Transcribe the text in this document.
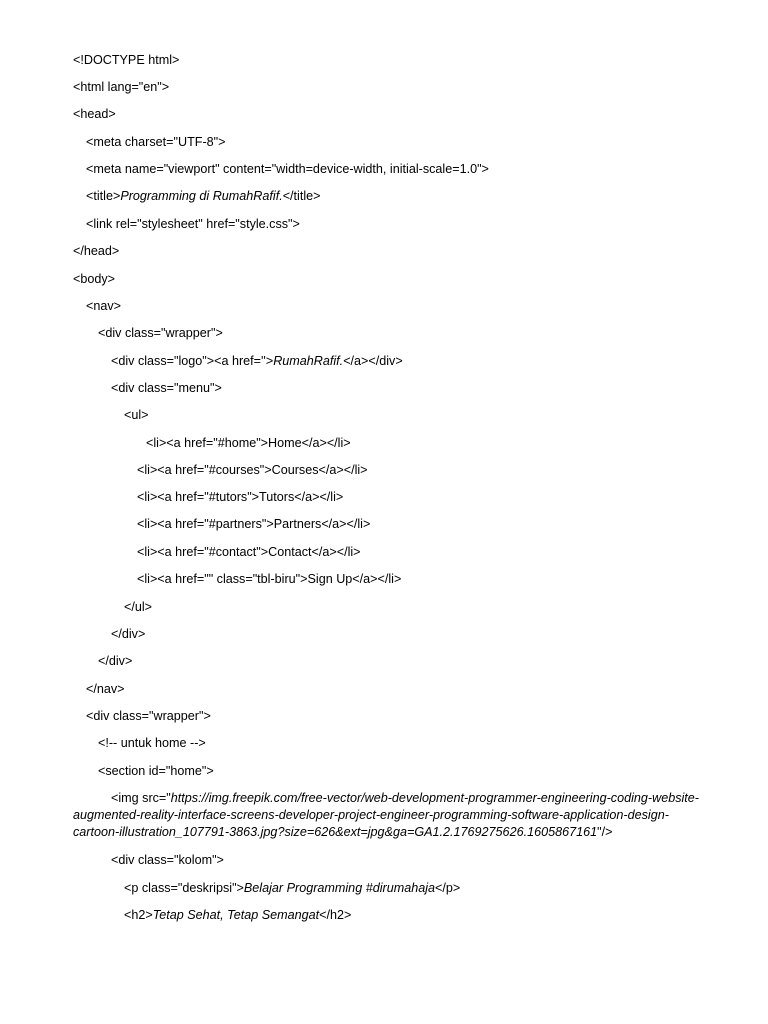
<!DOCTYPE html>
<html lang="en">
<head>
<meta charset="UTF-8">
<meta name="viewport" content="width=device-width, initial-scale=1.0">
<title>Programming di RumahRafif.</title>
<link rel="stylesheet" href="style.css">
</head>
<body>
<nav>
<div class="wrapper">
<div class="logo"><a href=''>RumahRafif.</a></div>
<div class="menu">
<ul>
<li><a href="#home">Home</a></li>
<li><a href="#courses">Courses</a></li>
<li><a href="#tutors">Tutors</a></li>
<li><a href="#partners">Partners</a></li>
<li><a href="#contact">Contact</a></li>
<li><a href="" class="tbl-biru">Sign Up</a></li>
</ul>
</div>
</div>
</nav>
<div class="wrapper">
<!-- untuk home -->
<section id="home">
<img src="https://img.freepik.com/free-vector/web-development-programmer-engineering-coding-website-augmented-reality-interface-screens-developer-project-engineer-programming-software-application-design-cartoon-illustration_107791-3863.jpg?size=626&ext=jpg&ga=GA1.2.1769275626.1605867161"/>
<div class="kolom">
<p class="deskripsi">Belajar Programming #dirumahaja</p>
<h2>Tetap Sehat, Tetap Semangat</h2>
